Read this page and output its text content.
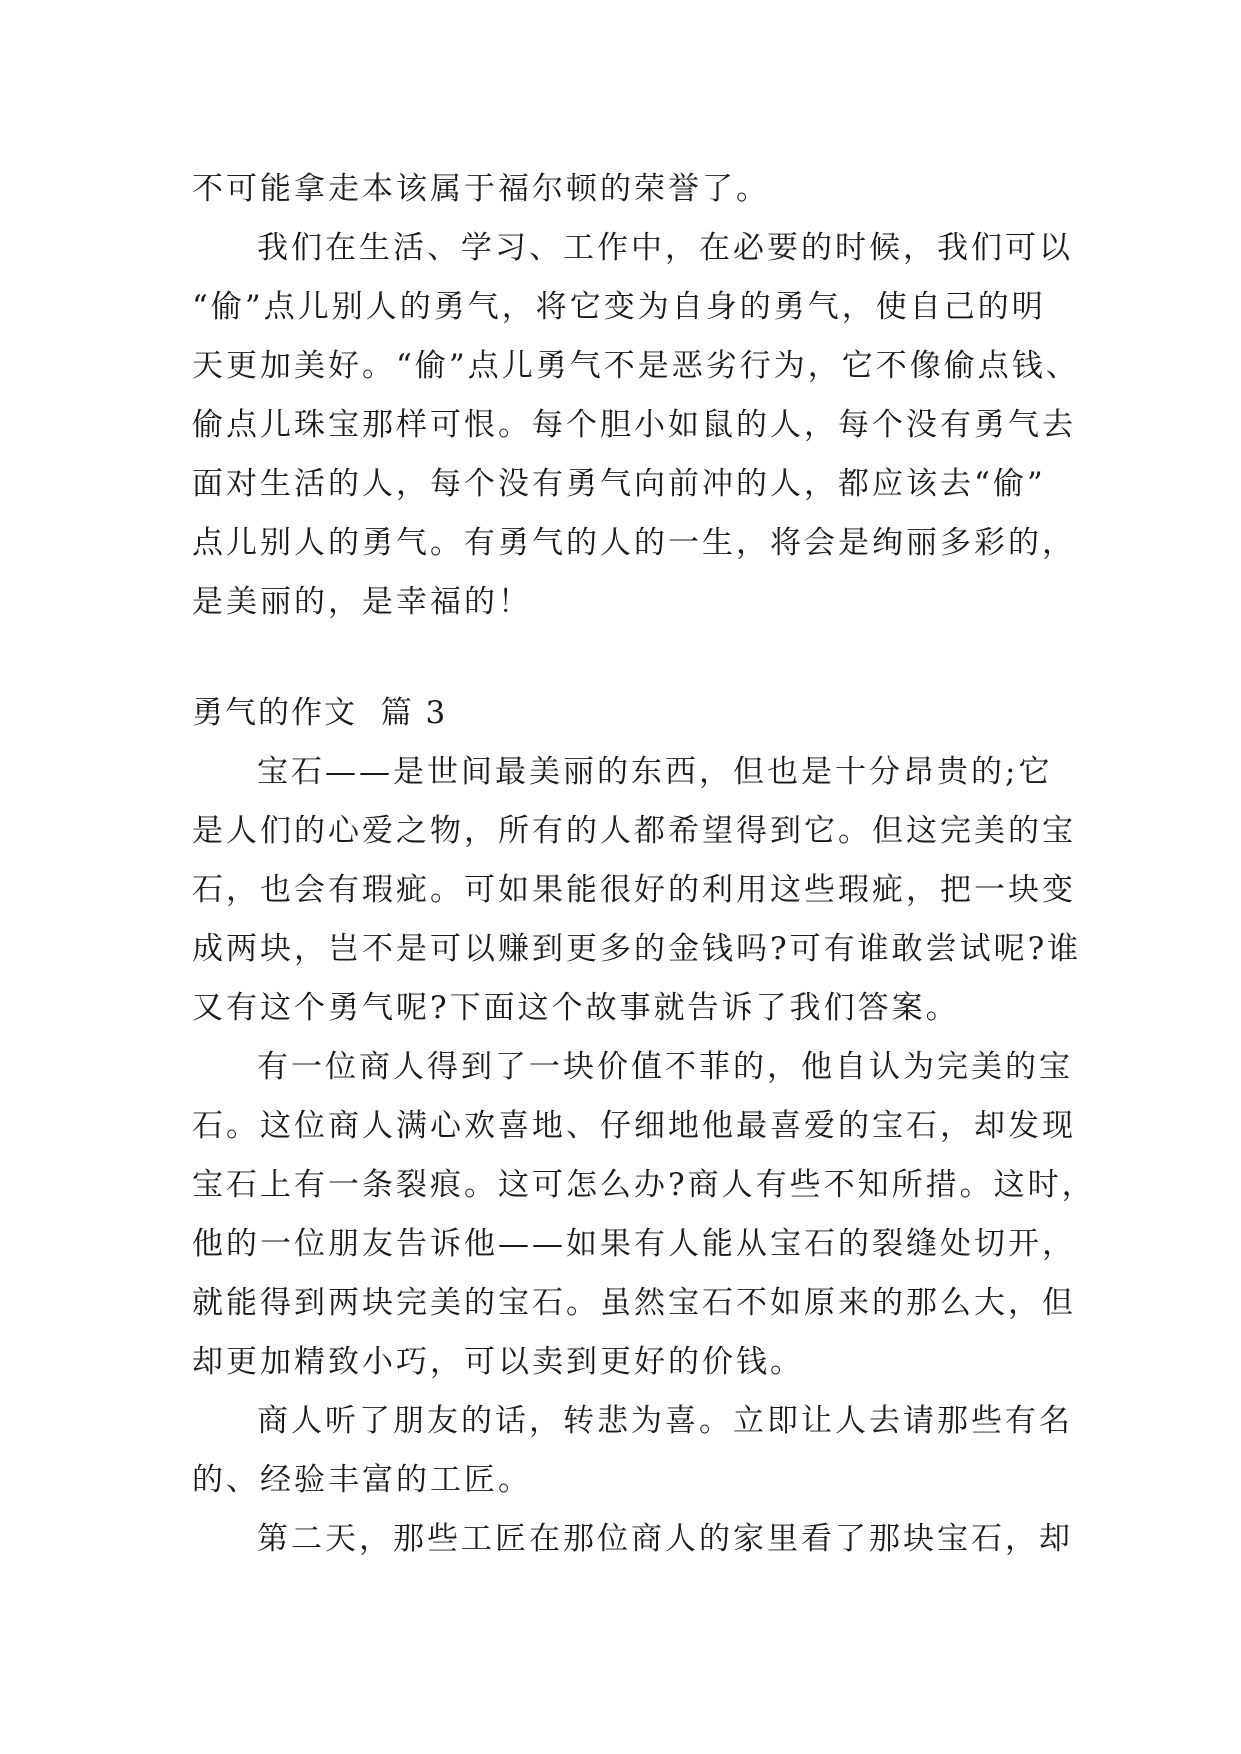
不可能拿走本该属于福尔顿的荣誉了。
我们在生活、学习、工作中，在必要的时候，我们可以
“偷”点儿别人的勇气，将它变为自身的勇气，使自己的明
天更加美好。“偷”点儿勇气不是恶劣行为，它不像偷点钱、
偷点儿珠宝那样可恨。每个胆小如鼠的人，每个没有勇气去
面对生活的人，每个没有勇气向前冲的人，都应该去“偷”
点儿别人的勇气。有勇气的人的一生，将会是绚丽多彩的，
是美丽的，是幸福的！
勇气的作文  篇 3
宝石——是世间最美丽的东西，但也是十分昂贵的;它
是人们的心爱之物，所有的人都希望得到它。但这完美的宝
石，也会有瑕疵。可如果能很好的利用这些瑕疵，把一块变
成两块，岂不是可以赚到更多的金钱吗?可有谁敢尝试呢?谁
又有这个勇气呢?下面这个故事就告诉了我们答案。
有一位商人得到了一块价值不菲的，他自认为完美的宝
石。这位商人满心欢喜地、仔细地他最喜爱的宝石，却发现
宝石上有一条裂痕。这可怎么办?商人有些不知所措。这时，
他的一位朋友告诉他——如果有人能从宝石的裂缝处切开，
就能得到两块完美的宝石。虽然宝石不如原来的那么大，但
却更加精致小巧，可以卖到更好的价钱。
商人听了朋友的话，转悲为喜。立即让人去请那些有名
的、经验丰富的工匠。
第二天，那些工匠在那位商人的家里看了那块宝石，却
